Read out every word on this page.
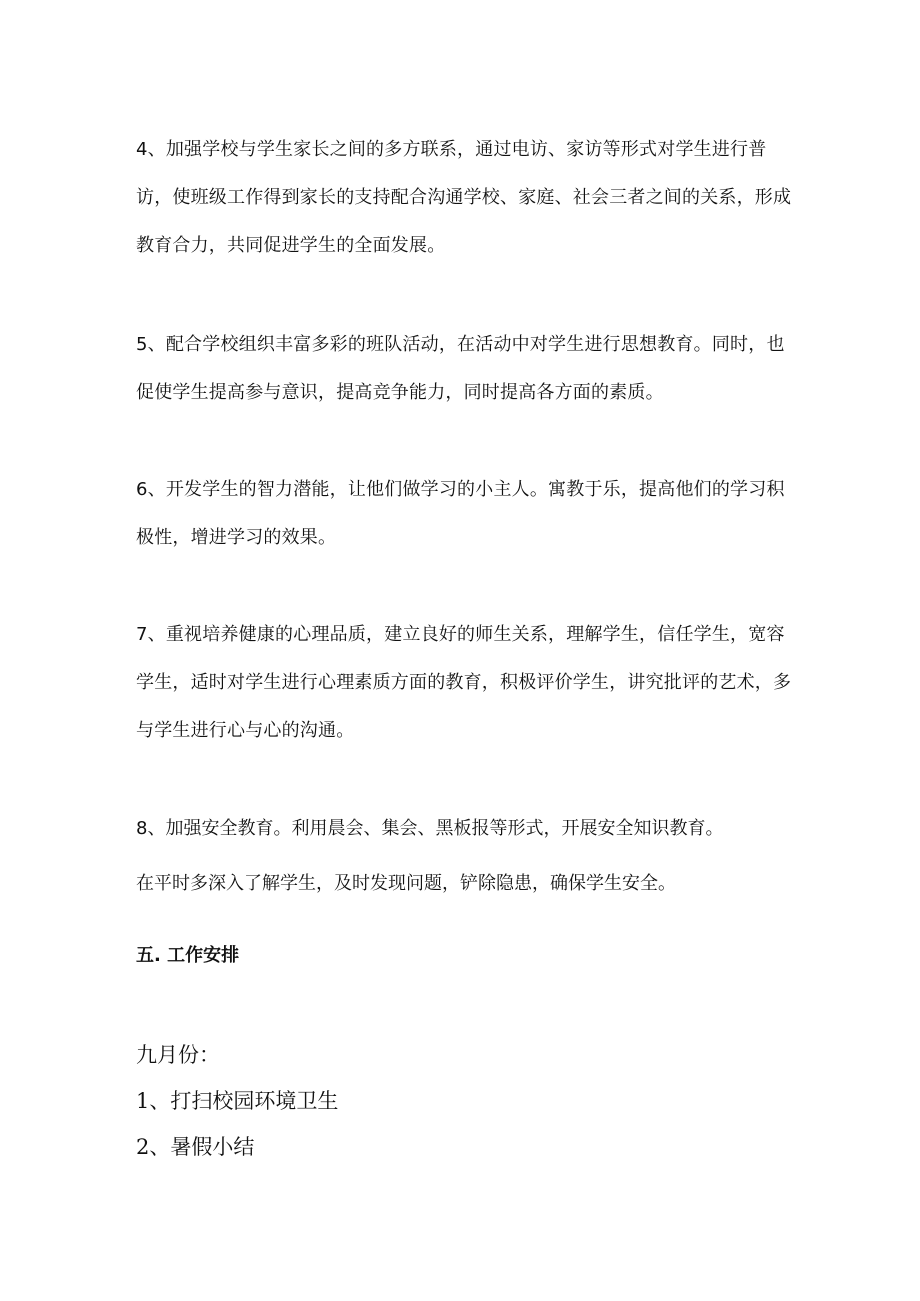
4、加强学校与学生家长之间的多方联系，通过电访、家访等形式对学生进行普访，使班级工作得到家长的支持配合沟通学校、家庭、社会三者之间的关系，形成教育合力，共同促进学生的全面发展。

5、配合学校组织丰富多彩的班队活动，在活动中对学生进行思想教育。同时，也促使学生提高参与意识，提高竞争能力，同时提高各方面的素质。

6、开发学生的智力潜能，让他们做学习的小主人。寓教于乐，提高他们的学习积极性，增进学习的效果。

7、重视培养健康的心理品质，建立良好的师生关系，理解学生，信任学生，宽容学生，适时对学生进行心理素质方面的教育，积极评价学生，讲究批评的艺术，多与学生进行心与心的沟通。

8、加强安全教育。利用晨会、集会、黑板报等形式，开展安全知识教育。

在平时多深入了解学生，及时发现问题，铲除隐患，确保学生安全。

五. 工作安排

九月份：

1、打扫校园环境卫生

2、暑假小结
